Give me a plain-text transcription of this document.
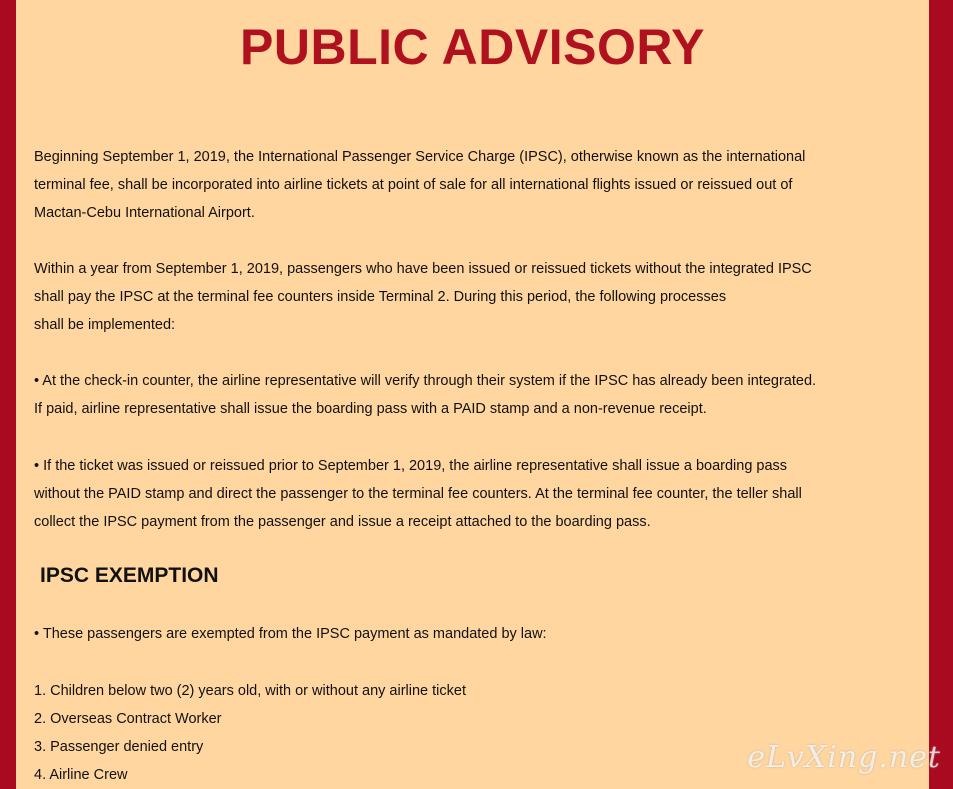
PUBLIC ADVISORY

Beginning September 1, 2019, the International Passenger Service Charge (IPSC), otherwise known as the international

terminal fee, shall be incorporated into airline tickets at point of sale for all international flights issued or reissued out of

Mactan-Cebu International Airport.

Within a year from September 1, 2019, passengers who have been issued or reissued tickets without the integrated IPSC

shall pay the IPSC at the terminal fee counters inside Terminal 2. During this period, the following processes

shall be implemented:

• At the check-in counter, the airline representative will verify through their system if the IPSC has already been integrated.

If paid, airline representative shall issue the boarding pass with a PAID stamp and a non-revenue receipt.

• If the ticket was issued or reissued prior to September 1, 2019, the airline representative shall issue a boarding pass

without the PAID stamp and direct the passenger to the terminal fee counters. At the terminal fee counter, the teller shall

collect the IPSC payment from the passenger and issue a receipt attached to the boarding pass.

IPSC EXEMPTION

• These passengers are exempted from the IPSC payment as mandated by law:

1. Children below two (2) years old, with or without any airline ticket
2. Overseas Contract Worker
3. Passenger denied entry
4. Airline Crew	eLvXing.net
